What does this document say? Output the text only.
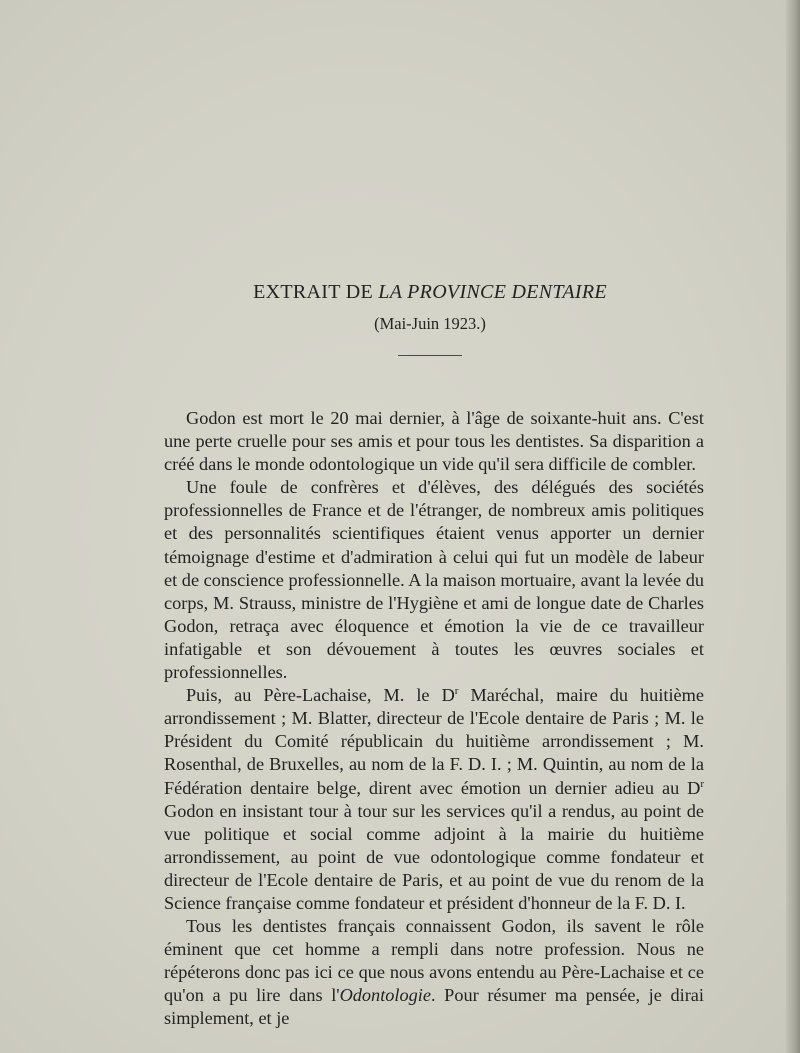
EXTRAIT DE LA PROVINCE DENTAIRE
(Mai-Juin 1923.)

Godon est mort le 20 mai dernier, à l'âge de soixante-huit ans. C'est une perte cruelle pour ses amis et pour tous les dentistes. Sa disparition a créé dans le monde odontologique un vide qu'il sera difficile de combler.

Une foule de confrères et d'élèves, des délégués des sociétés professionnelles de France et de l'étranger, de nombreux amis politiques et des personnalités scientifiques étaient venus apporter un dernier témoignage d'estime et d'admiration à celui qui fut un modèle de labeur et de conscience professionnelle. A la maison mortuaire, avant la levée du corps, M. Strauss, ministre de l'Hygiène et ami de longue date de Charles Godon, retraça avec éloquence et émotion la vie de ce travailleur infatigable et son dévouement à toutes les œuvres sociales et professionnelles.

Puis, au Père-Lachaise, M. le $D^r$ Maréchal, maire du huitième arrondissement ; M. Blatter, directeur de l'Ecole dentaire de Paris ; M. le Président du Comité républicain du huitième arrondissement ; M. Rosenthal, de Bruxelles, au nom de la F. D. I. ; M. Quintin, au nom de la Fédération dentaire belge, dirent avec émotion un dernier adieu au $D^r$ Godon en insistant tour à tour sur les services qu'il a rendus, au point de vue politique et social comme adjoint à la mairie du huitième arrondissement, au point de vue odontologique comme fondateur et directeur de l'Ecole dentaire de Paris, et au point de vue du renom de la Science française comme fondateur et président d'honneur de la F. D. I.

Tous les dentistes français connaissent Godon, ils savent le rôle éminent que cet homme a rempli dans notre profession. Nous ne répéterons donc pas ici ce que nous avons entendu au Père-Lachaise et ce qu'on a pu lire dans l'Odontologie. Pour résumer ma pensée, je dirai simplement, et je
